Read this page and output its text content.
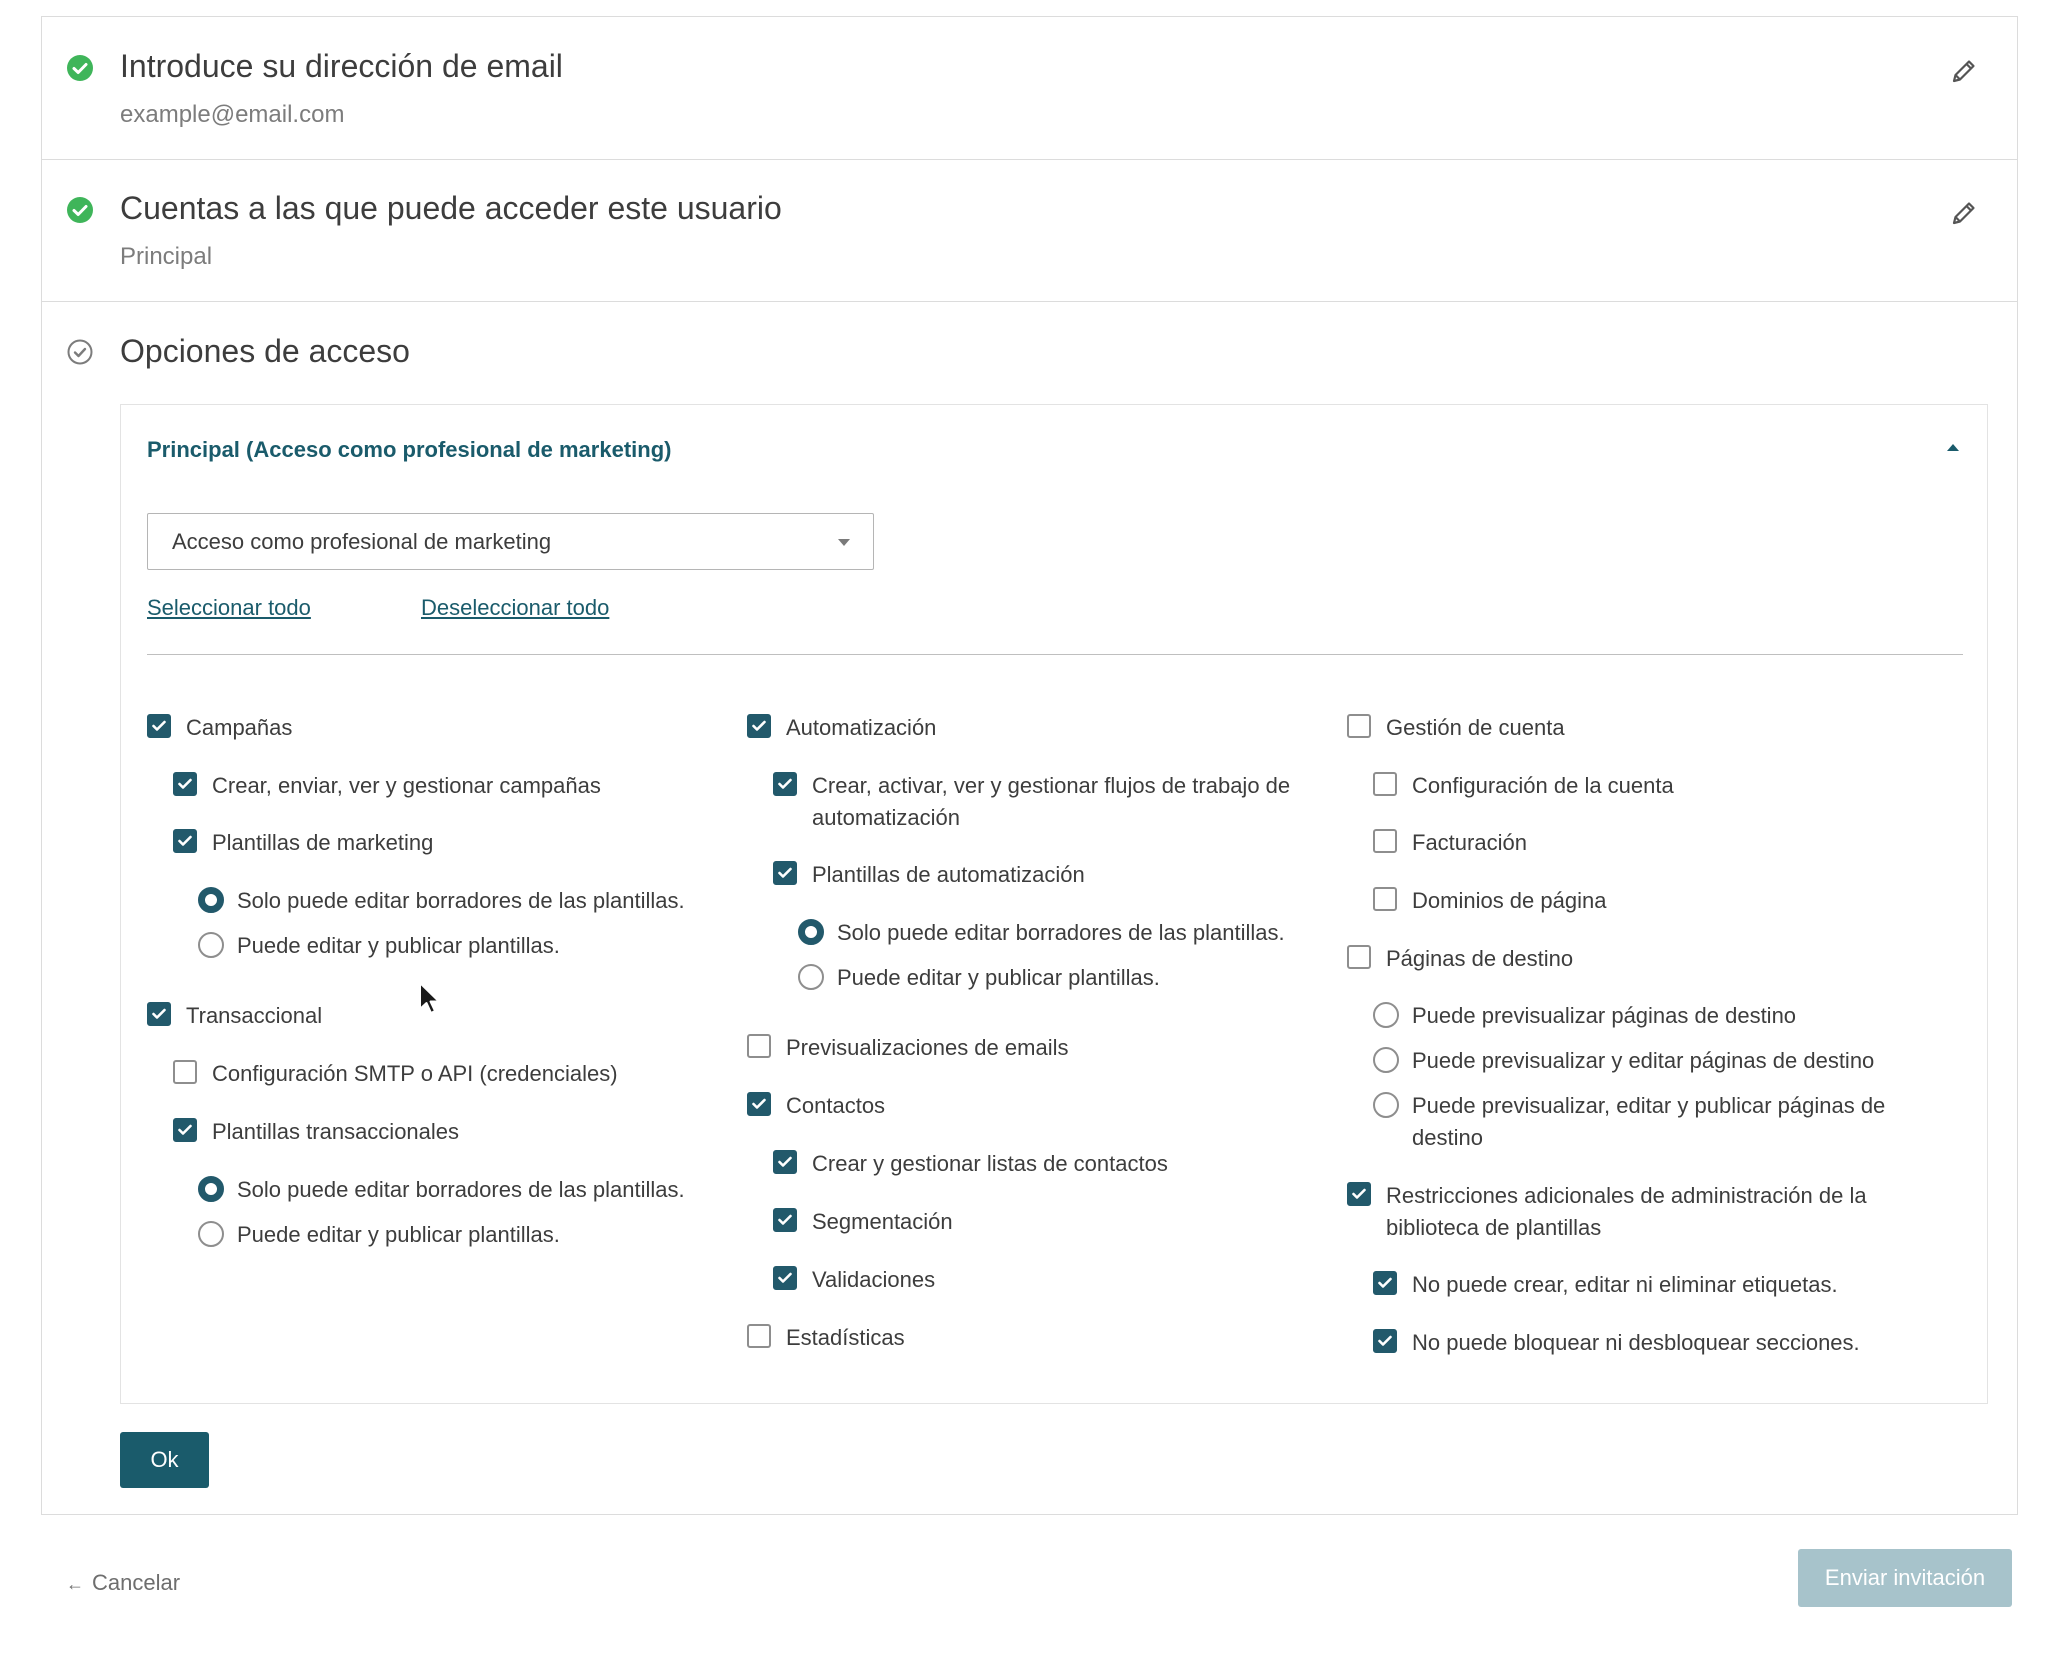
Introduce su dirección de email
example@email.com
Cuentas a las que puede acceder este usuario
Principal
Opciones de acceso
Principal (Acceso como profesional de marketing)
Acceso como profesional de marketing
Seleccionar todo	Deseleccionar todo
Campañas
Crear, enviar, ver y gestionar campañas
Plantillas de marketing
Solo puede editar borradores de las plantillas.
Puede editar y publicar plantillas.
Transaccional
Configuración SMTP o API (credenciales)
Plantillas transaccionales
Solo puede editar borradores de las plantillas.
Puede editar y publicar plantillas.
Automatización
Crear, activar, ver y gestionar flujos de trabajo de automatización
Plantillas de automatización
Solo puede editar borradores de las plantillas.
Puede editar y publicar plantillas.
Previsualizaciones de emails
Contactos
Crear y gestionar listas de contactos
Segmentación
Validaciones
Estadísticas
Gestión de cuenta
Configuración de la cuenta
Facturación
Dominios de página
Páginas de destino
Puede previsualizar páginas de destino
Puede previsualizar y editar páginas de destino
Puede previsualizar, editar y publicar páginas de destino
Restricciones adicionales de administración de la biblioteca de plantillas
No puede crear, editar ni eliminar etiquetas.
No puede bloquear ni desbloquear secciones.
Ok
← Cancelar	Enviar invitación
